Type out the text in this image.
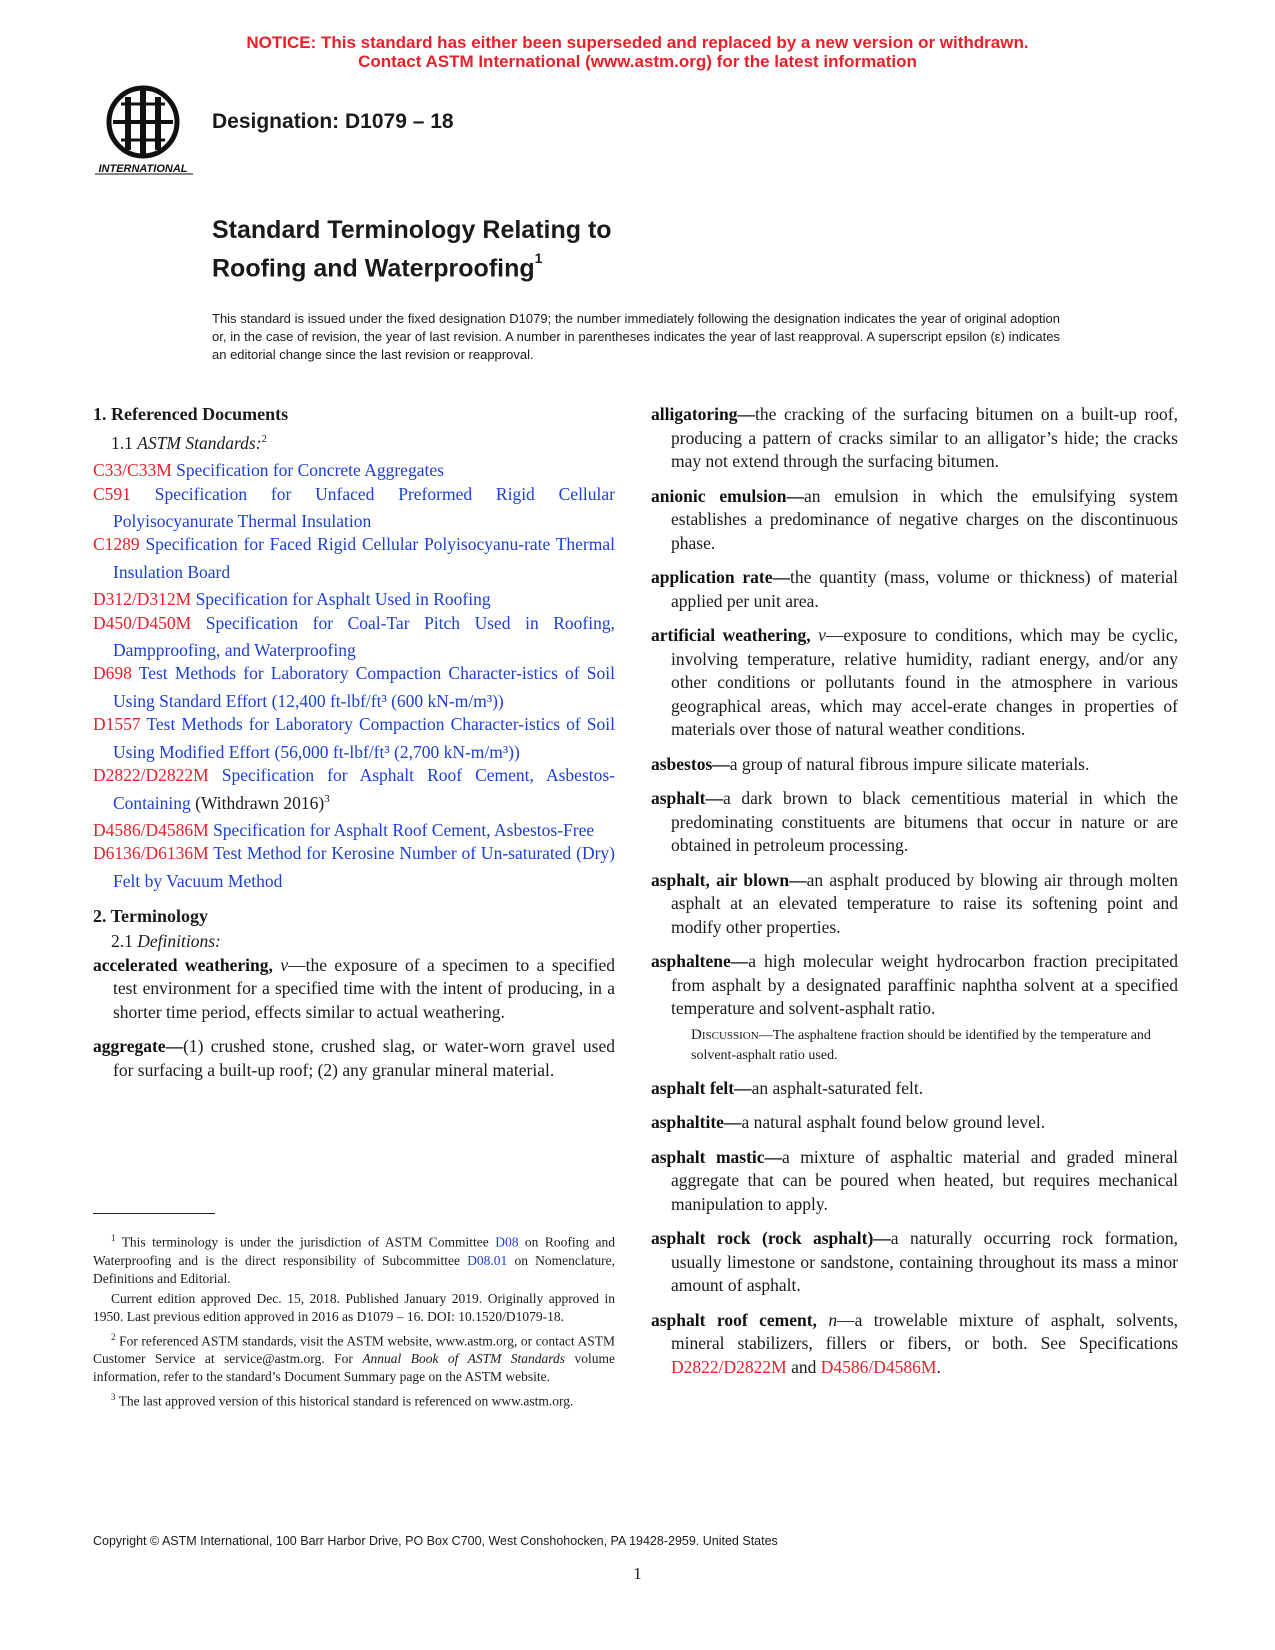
NOTICE: This standard has either been superseded and replaced by a new version or withdrawn.
Contact ASTM International (www.astm.org) for the latest information
INTERNATIONAL
Designation: D1079 – 18
Standard Terminology Relating to
Roofing and Waterproofing$^1$
This standard is issued under the fixed designation D1079; the number immediately following the designation indicates the year of original adoption or, in the case of revision, the year of last revision. A number in parentheses indicates the year of last reapproval. A superscript epsilon (ε) indicates an editorial change since the last revision or reapproval.
1. Referenced Documents
1.1 ASTM Standards:$^2$
C33/C33M Specification for Concrete Aggregates
C591 Specification for Unfaced Preformed Rigid Cellular Polyisocyanurate Thermal Insulation
C1289 Specification for Faced Rigid Cellular Polyisocyanu-rate Thermal Insulation Board
D312/D312M Specification for Asphalt Used in Roofing
D450/D450M Specification for Coal-Tar Pitch Used in Roofing, Dampproofing, and Waterproofing
D698 Test Methods for Laboratory Compaction Character-istics of Soil Using Standard Effort (12,400 ft-lbf/ft³ (600 kN-m/m³))
D1557 Test Methods for Laboratory Compaction Character-istics of Soil Using Modified Effort (56,000 ft-lbf/ft³ (2,700 kN-m/m³))
D2822/D2822M Specification for Asphalt Roof Cement, Asbestos-Containing (Withdrawn 2016)$^3$
D4586/D4586M Specification for Asphalt Roof Cement, Asbestos-Free
D6136/D6136M Test Method for Kerosine Number of Un-saturated (Dry) Felt by Vacuum Method
2. Terminology
2.1 Definitions:
accelerated weathering, v—the exposure of a specimen to a specified test environment for a specified time with the intent of producing, in a shorter time period, effects similar to actual weathering.
aggregate—(1) crushed stone, crushed slag, or water-worn gravel used for surfacing a built-up roof; (2) any granular mineral material.
alligatoring—the cracking of the surfacing bitumen on a built-up roof, producing a pattern of cracks similar to an alligator’s hide; the cracks may not extend through the surfacing bitumen.
anionic emulsion—an emulsion in which the emulsifying system establishes a predominance of negative charges on the discontinuous phase.
application rate—the quantity (mass, volume or thickness) of material applied per unit area.
artificial weathering, v—exposure to conditions, which may be cyclic, involving temperature, relative humidity, radiant energy, and/or any other conditions or pollutants found in the atmosphere in various geographical areas, which may accel-erate changes in properties of materials over those of natural weather conditions.
asbestos—a group of natural fibrous impure silicate materials.
asphalt—a dark brown to black cementitious material in which the predominating constituents are bitumens that occur in nature or are obtained in petroleum processing.
asphalt, air blown—an asphalt produced by blowing air through molten asphalt at an elevated temperature to raise its softening point and modify other properties.
asphaltene—a high molecular weight hydrocarbon fraction precipitated from asphalt by a designated paraffinic naphtha solvent at a specified temperature and solvent-asphalt ratio.
Discussion—The asphaltene fraction should be identified by the temperature and solvent-asphalt ratio used.
asphalt felt—an asphalt-saturated felt.
asphaltite—a natural asphalt found below ground level.
asphalt mastic—a mixture of asphaltic material and graded mineral aggregate that can be poured when heated, but requires mechanical manipulation to apply.
asphalt rock (rock asphalt)—a naturally occurring rock formation, usually limestone or sandstone, containing throughout its mass a minor amount of asphalt.
asphalt roof cement, n—a trowelable mixture of asphalt, solvents, mineral stabilizers, fillers or fibers, or both. See Specifications D2822/D2822M and D4586/D4586M.

$^1$ This terminology is under the jurisdiction of ASTM Committee D08 on Roofing and Waterproofing and is the direct responsibility of Subcommittee D08.01 on Nomenclature, Definitions and Editorial.

Current edition approved Dec. 15, 2018. Published January 2019. Originally approved in 1950. Last previous edition approved in 2016 as D1079 – 16. DOI: 10.1520/D1079-18.

$^2$ For referenced ASTM standards, visit the ASTM website, www.astm.org, or contact ASTM Customer Service at service@astm.org. For Annual Book of ASTM Standards volume information, refer to the standard’s Document Summary page on the ASTM website.

$^3$ The last approved version of this historical standard is referenced on www.astm.org.

Copyright © ASTM International, 100 Barr Harbor Drive, PO Box C700, West Conshohocken, PA 19428-2959. United States
1
